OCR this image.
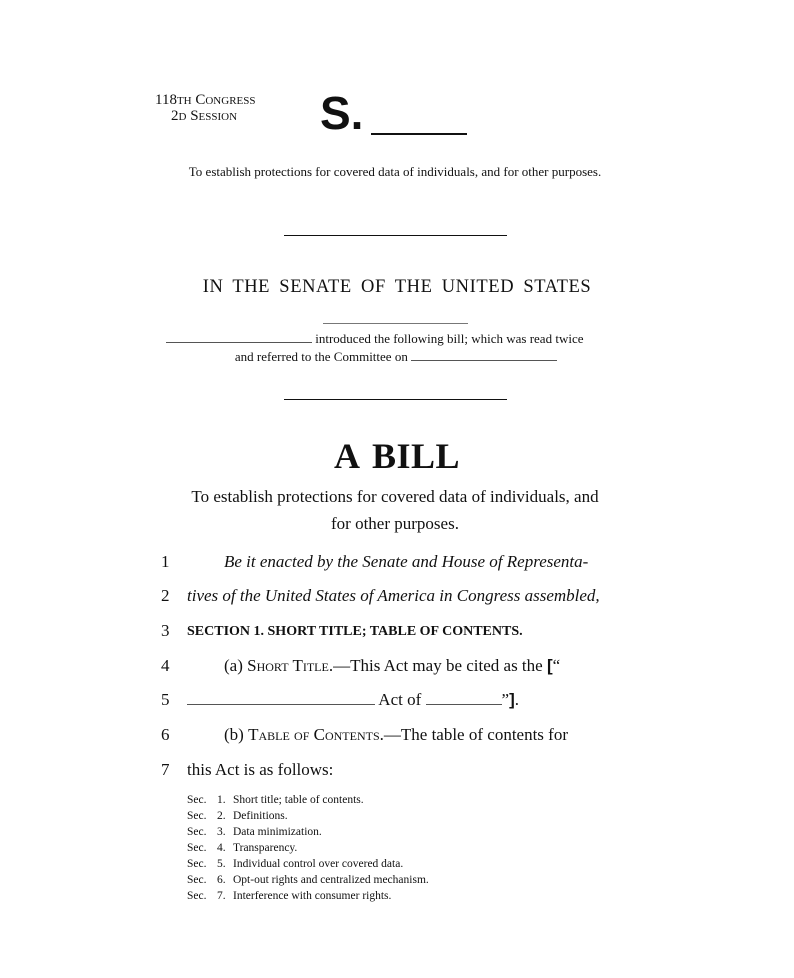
118th Congress
2d Session S.
To establish protections for covered data of individuals, and for other purposes.
IN THE SENATE OF THE UNITED STATES
introduced the following bill; which was read twice
and referred to the Committee on
A BILL
To establish protections for covered data of individuals, and
for other purposes.
1	Be it enacted by the Senate and House of Representa-
2	tives of the United States of America in Congress assembled,
3	SECTION 1. SHORT TITLE; TABLE OF CONTENTS.
4	(a) Short Title.—This Act may be cited as the [“
5	Act of	”].
6	(b) Table of Contents.—The table of contents for
7	this Act is as follows:
Sec. 1. Short title; table of contents.
Sec. 2. Definitions.
Sec. 3. Data minimization.
Sec. 4. Transparency.
Sec. 5. Individual control over covered data.
Sec. 6. Opt-out rights and centralized mechanism.
Sec. 7. Interference with consumer rights.
